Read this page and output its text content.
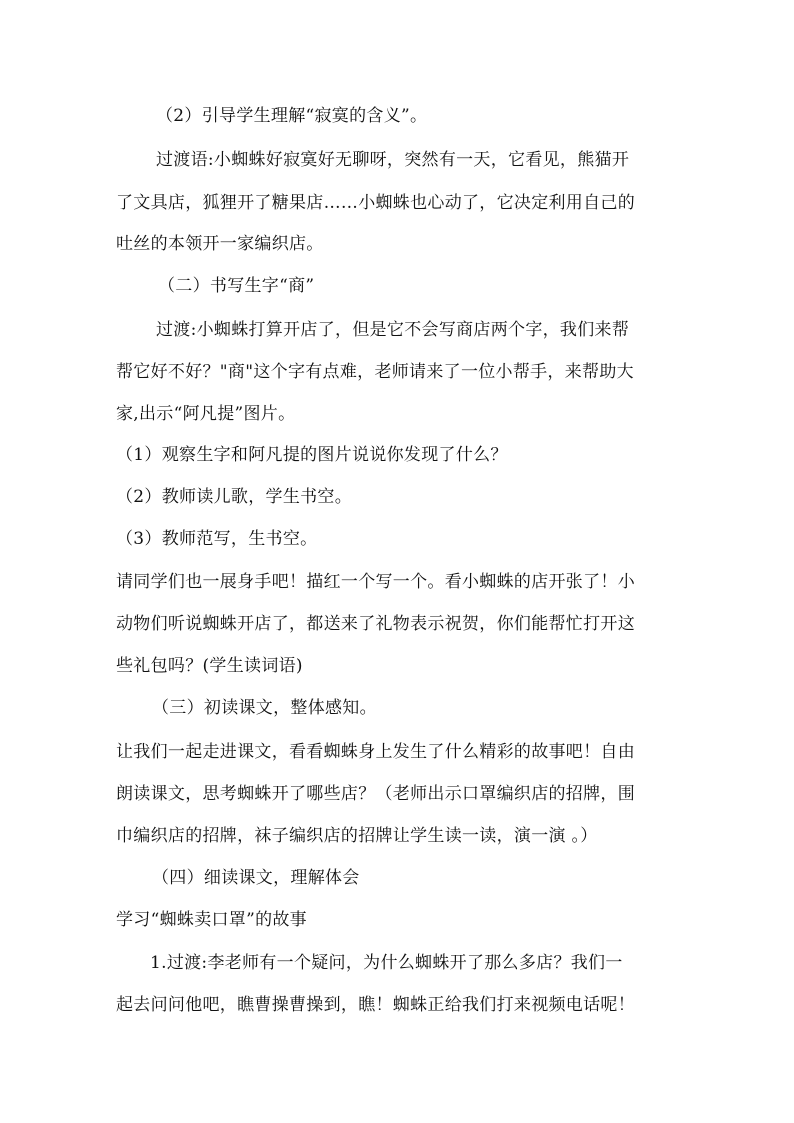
（2）引导学生理解“寂寞的含义”。
过渡语:小蜘蛛好寂寞好无聊呀，突然有一天，它看见，熊猫开
了文具店，狐狸开了糖果店……小蜘蛛也心动了，它决定利用自己的
吐丝的本领开一家编织店。
（二）书写生字“商”
过渡:小蜘蛛打算开店了，但是它不会写商店两个字，我们来帮
帮它好不好？"商"这个字有点难，老师请来了一位小帮手，来帮助大
家,出示“阿凡提”图片。
（1）观察生字和阿凡提的图片说说你发现了什么？
（2）教师读儿歌，学生书空。
（3）教师范写，生书空。
请同学们也一展身手吧！描红一个写一个。看小蜘蛛的店开张了！小
动物们听说蜘蛛开店了，都送来了礼物表示祝贺，你们能帮忙打开这
些礼包吗？(学生读词语)
（三）初读课文，整体感知。
让我们一起走进课文，看看蜘蛛身上发生了什么精彩的故事吧！自由
朗读课文，思考蜘蛛开了哪些店？（老师出示口罩编织店的招牌，围
巾编织店的招牌，袜子编织店的招牌让学生读一读，演一演 。）
（四）细读课文，理解体会
学习“蜘蛛卖口罩”的故事
1.过渡:李老师有一个疑问，为什么蜘蛛开了那么多店？我们一
起去问问他吧，瞧曹操曹操到，瞧！蜘蛛正给我们打来视频电话呢！
